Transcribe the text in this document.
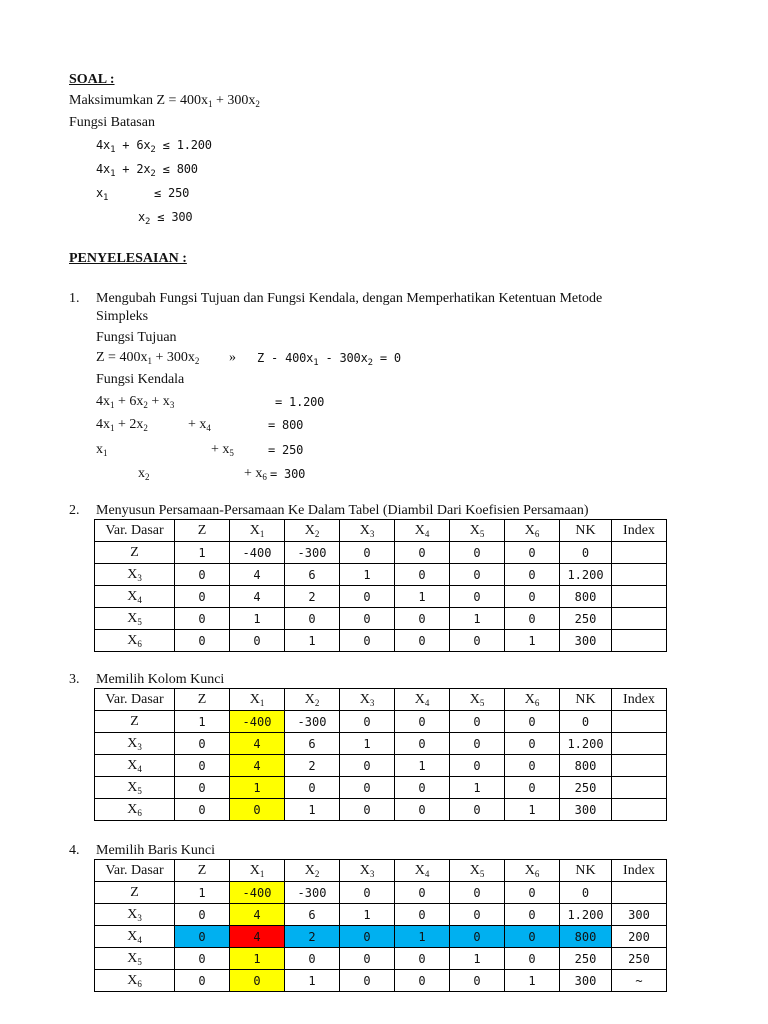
SOAL :
Maksimumkan $Z = 400x_1 + 300x_2$
Fungsi Batasan
$4x_1 + 6x_2 \le 1.200$
$4x_1 + 2x_2 \le 800$
$x_1$	≤ 250
$x_2 \le 300$
PENYELESAIAN :
1. Mengubah Fungsi Tujuan dan Fungsi Kendala, dengan Memperhatikan Ketentuan Metode
Simpleks
Fungsi Tujuan
$Z = 400x_1 + 300x_2$ » $Z - 400x_1 - 300x_2 = 0$
Fungsi Kendala
$4x_1 + 6x_2 + x_3$	= 1.200
$4x_1 + 2x_2$	+ $x_4$	= 800
$x_1$	+ $x_5$	= 250
$x_2$	+ $x_6 = 300$
2. Menyusun Persamaan-Persamaan Ke Dalam Tabel (Diambil Dari Koefisien Persamaan)
Var. Dasar	Z	$X_1$	$X_2$	$X_3$	$X_4$	$X_5$	$X_6$	NK	Index
Z	1	-400	-300	0	0	0	0	0	
$X_3$	0	4	6	1	0	0	0	1.200	
$X_4$	0	4	2	0	1	0	0	800	
$X_5$	0	1	0	0	0	1	0	250	
$X_6$	0	0	1	0	0	0	1	300	
3. Memilih Kolom Kunci
Var. Dasar	Z	$X_1$	$X_2$	$X_3$	$X_4$	$X_5$	$X_6$	NK	Index
Z	1	-400	-300	0	0	0	0	0	
$X_3$	0	4	6	1	0	0	0	1.200	
$X_4$	0	4	2	0	1	0	0	800	
$X_5$	0	1	0	0	0	1	0	250	
$X_6$	0	0	1	0	0	0	1	300	
4. Memilih Baris Kunci
Var. Dasar	Z	$X_1$	$X_2$	$X_3$	$X_4$	$X_5$	$X_6$	NK	Index
Z	1	-400	-300	0	0	0	0	0	
$X_3$	0	4	6	1	0	0	0	1.200	300
$X_4$	0	4	2	0	1	0	0	800	200
$X_5$	0	1	0	0	0	1	0	250	250
$X_6$	0	0	1	0	0	0	1	300	~
